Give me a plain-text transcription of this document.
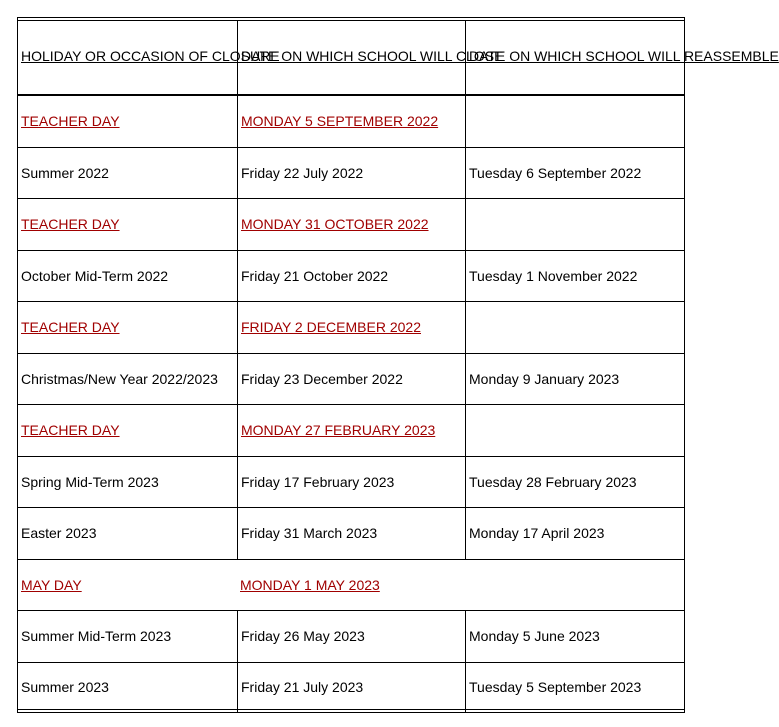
HOLIDAY OR OCCASION OF CLOSURE	DATE ON WHICH SCHOOL WILL CLOSE	DATE ON WHICH SCHOOL WILL REASSEMBLE

TEACHER DAY	MONDAY 5 SEPTEMBER 2022	
Summer 2022	Friday 22 July 2022	Tuesday 6 September 2022
TEACHER DAY	MONDAY 31 OCTOBER 2022	
October Mid-Term 2022	Friday 21 October 2022	Tuesday 1 November 2022
TEACHER DAY	FRIDAY 2 DECEMBER 2022	
Christmas/New Year 2022/2023	Friday 23 December 2022	Monday 9 January 2023
TEACHER DAY	MONDAY 27 FEBRUARY 2023	
Spring Mid-Term 2023	Friday 17 February 2023	Tuesday 28 February 2023
Easter 2023	Friday 31 March 2023	Monday 17 April 2023
MAY DAY	MONDAY 1 MAY 2023	
Summer Mid-Term 2023	Friday 26 May 2023	Monday 5 June 2023
Summer 2023	Friday 21 July 2023	Tuesday 5 September 2023
